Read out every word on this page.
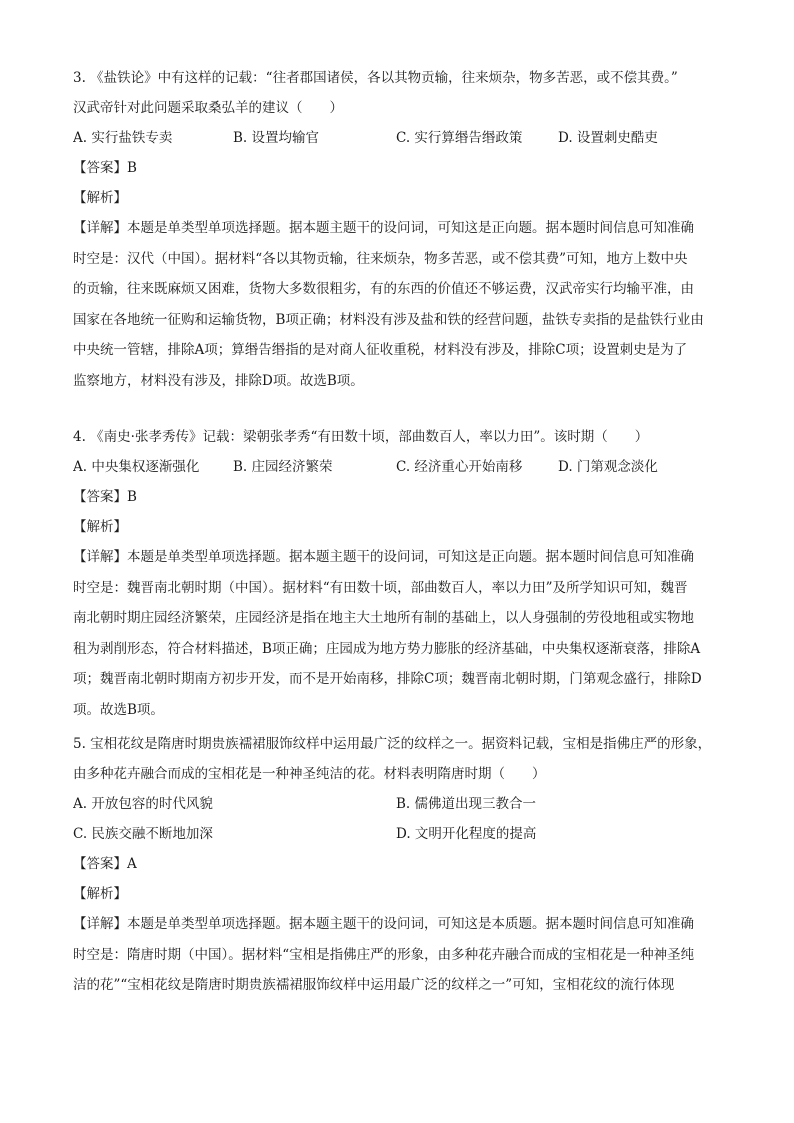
3. 《盐铁论》中有这样的记载：“往者郡国诸侯，各以其物贡输，往来烦杂，物多苦恶，或不偿其费。”
汉武帝针对此问题采取桑弘羊的建议（　　）
A. 实行盐铁专卖	B. 设置均输官	C. 实行算缗告缗政策	D. 设置刺史酷吏
【答案】B
【解析】
【详解】本题是单类型单项选择题。据本题主题干的设问词，可知这是正向题。据本题时间信息可知准确
时空是：汉代（中国）。据材料“各以其物贡输，往来烦杂，物多苦恶，或不偿其费”可知，地方上数中央
的贡输，往来既麻烦又困难，货物大多数很粗劣，有的东西的价值还不够运费，汉武帝实行均输平准，由
国家在各地统一征购和运输货物，B项正确；材料没有涉及盐和铁的经营问题，盐铁专卖指的是盐铁行业由
中央统一管辖，排除A项；算缗告缗指的是对商人征收重税，材料没有涉及，排除C项；设置刺史是为了
监察地方，材料没有涉及，排除D项。故选B项。
4. 《南史·张孝秀传》记载：梁朝张孝秀“有田数十顷，部曲数百人，率以力田”。该时期（　　）
A. 中央集权逐渐强化	B. 庄园经济繁荣	C. 经济重心开始南移	D. 门第观念淡化
【答案】B
【解析】
【详解】本题是单类型单项选择题。据本题主题干的设问词，可知这是正向题。据本题时间信息可知准确
时空是：魏晋南北朝时期（中国）。据材料“有田数十顷，部曲数百人，率以力田”及所学知识可知，魏晋
南北朝时期庄园经济繁荣，庄园经济是指在地主大土地所有制的基础上，以人身强制的劳役地租或实物地
租为剥削形态，符合材料描述，B项正确；庄园成为地方势力膨胀的经济基础，中央集权逐渐衰落，排除A
项；魏晋南北朝时期南方初步开发，而不是开始南移，排除C项；魏晋南北朝时期，门第观念盛行，排除D
项。故选B项。
5. 宝相花纹是隋唐时期贵族襦裙服饰纹样中运用最广泛的纹样之一。据资料记载，宝相是指佛庄严的形象，
由多种花卉融合而成的宝相花是一种神圣纯洁的花。材料表明隋唐时期（　　）
A. 开放包容的时代风貌	B. 儒佛道出现三教合一
C. 民族交融不断地加深	D. 文明开化程度的提高
【答案】A
【解析】
【详解】本题是单类型单项选择题。据本题主题干的设问词，可知这是本质题。据本题时间信息可知准确
时空是：隋唐时期（中国）。据材料“宝相是指佛庄严的形象，由多种花卉融合而成的宝相花是一种神圣纯
洁的花”“宝相花纹是隋唐时期贵族襦裙服饰纹样中运用最广泛的纹样之一”可知，宝相花纹的流行体现
